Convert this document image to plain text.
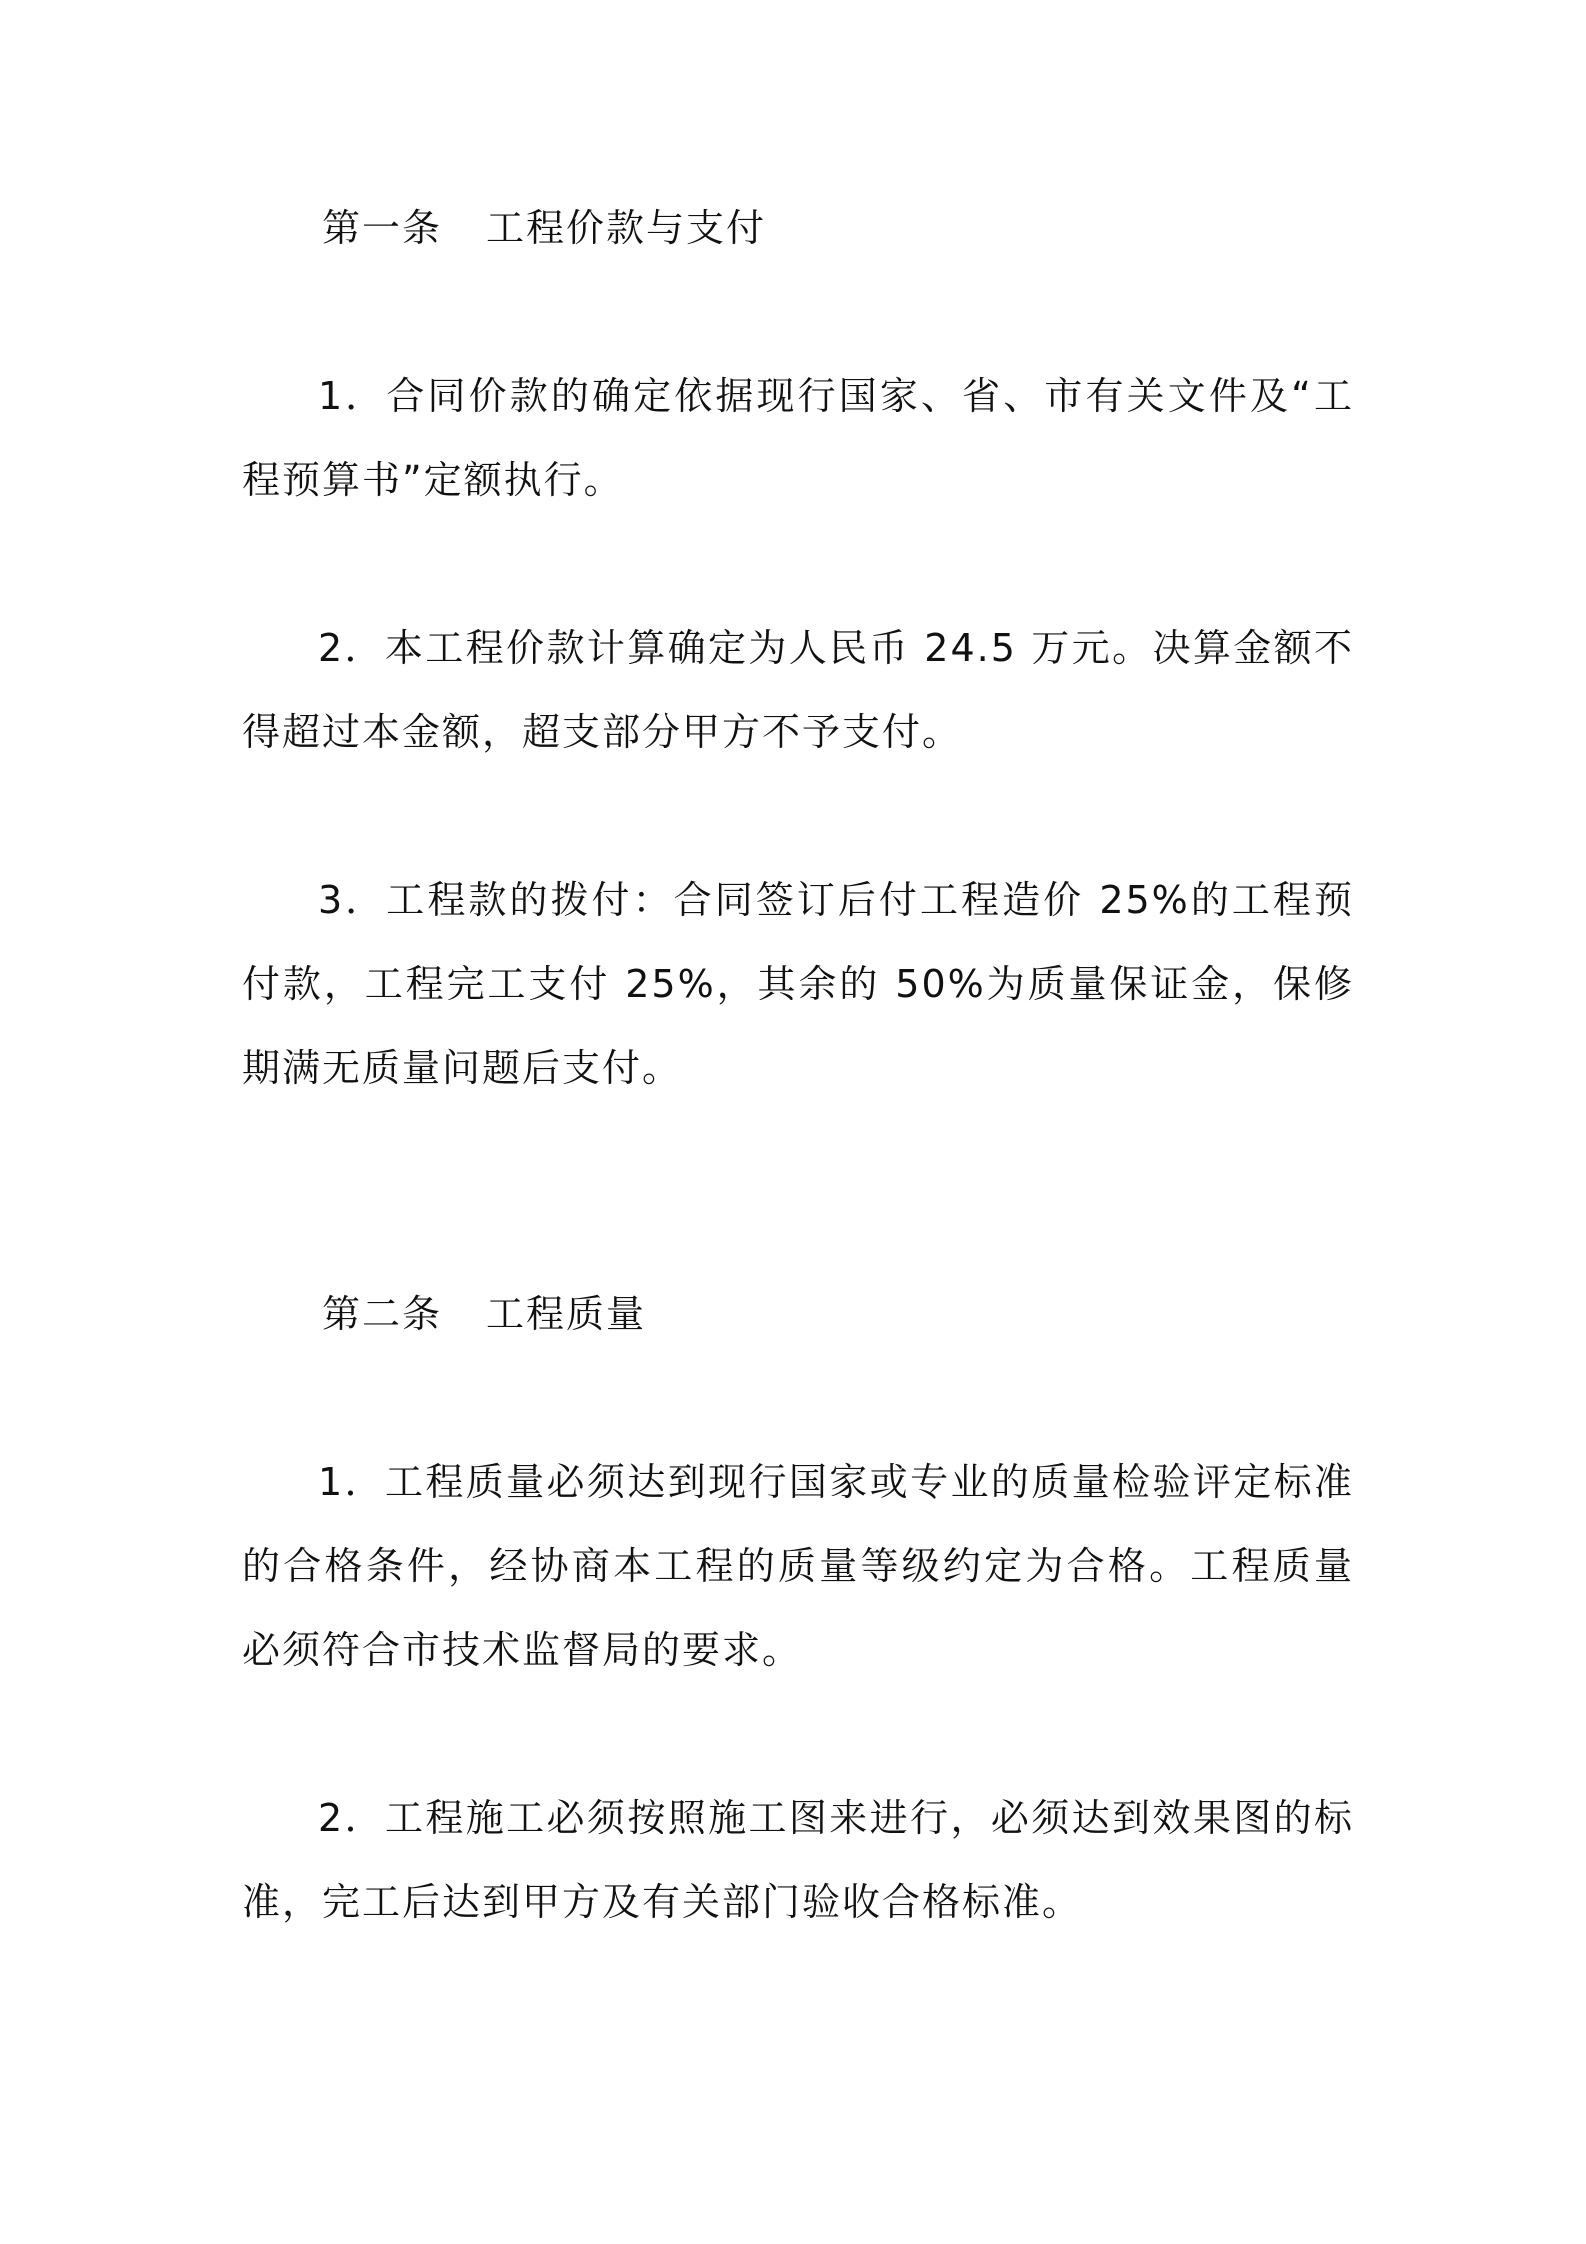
第一条 工程价款与支付

1．合同价款的确定依据现行国家、省、市有关文件及“工程预算书”定额执行。

2．本工程价款计算确定为人民币 24.5 万元。决算金额不得超过本金额，超支部分甲方不予支付。

3．工程款的拨付：合同签订后付工程造价 25%的工程预付款，工程完工支付 25%，其余的 50%为质量保证金，保修期满无质量问题后支付。

第二条 工程质量

1．工程质量必须达到现行国家或专业的质量检验评定标准的合格条件，经协商本工程的质量等级约定为合格。工程质量必须符合市技术监督局的要求。

2．工程施工必须按照施工图来进行，必须达到效果图的标准，完工后达到甲方及有关部门验收合格标准。
